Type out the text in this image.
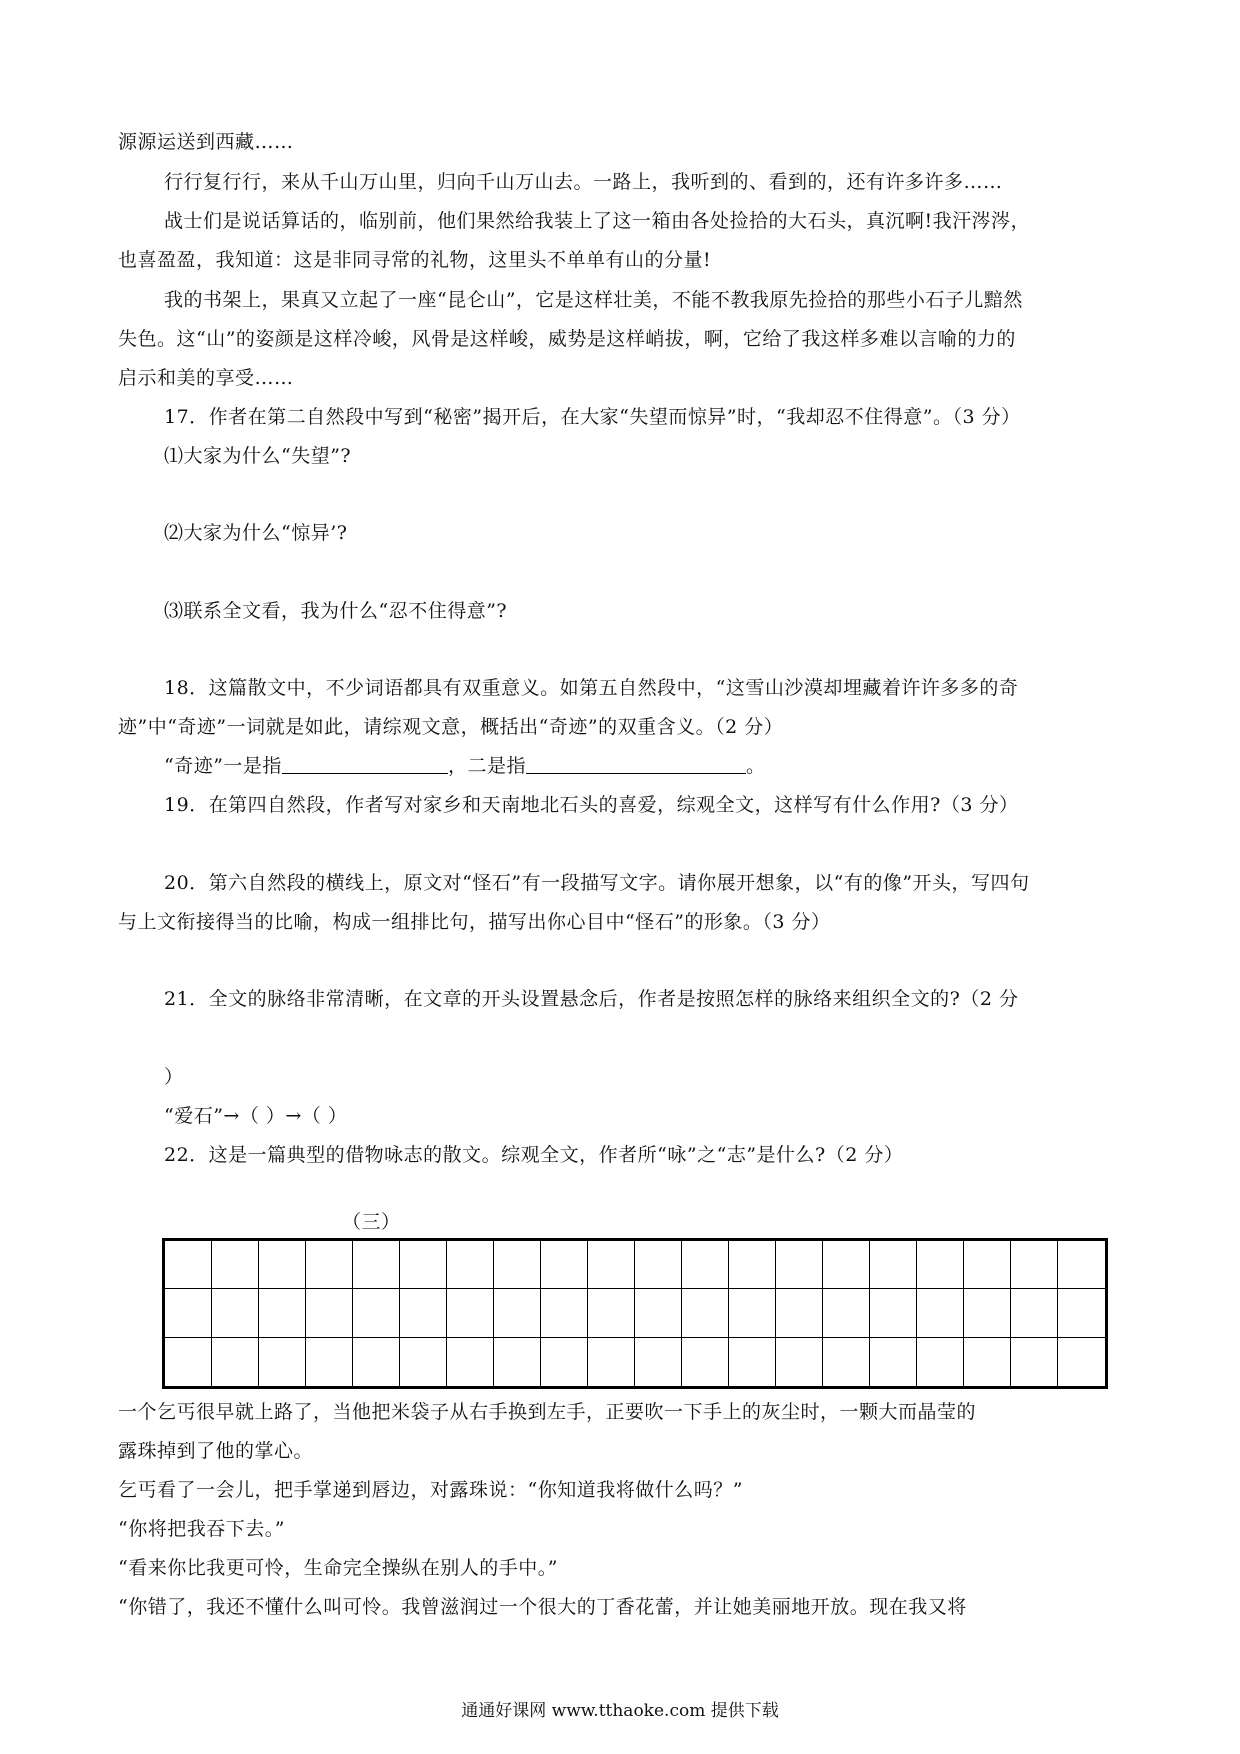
源源运送到西藏……
行行复行行，来从千山万山里，归向千山万山去。一路上，我听到的、看到的，还有许多许多……
战士们是说话算话的，临别前，他们果然给我装上了这一箱由各处捡拾的大石头，真沉啊!我汗涔涔，
也喜盈盈，我知道：这是非同寻常的礼物，这里头不单单有山的分量!
我的书架上，果真又立起了一座“昆仑山”，它是这样壮美，不能不教我原先捡拾的那些小石子儿黯然
失色。这“山”的姿颜是这样冷峻，风骨是这样峻，威势是这样峭拔，啊，它给了我这样多难以言喻的力的
启示和美的享受……
17．作者在第二自然段中写到“秘密”揭开后，在大家“失望而惊异”时，“我却忍不住得意”。（3 分）
⑴大家为什么“失望”?
⑵大家为什么“惊异’?
⑶联系全文看，我为什么“忍不住得意”?
18．这篇散文中，不少词语都具有双重意义。如第五自然段中，“这雪山沙漠却埋藏着许许多多的奇
迹”中“奇迹”一词就是如此，请综观文意，概括出“奇迹”的双重含义。（2 分）
“奇迹”一是指	，二是指	。
19．在第四自然段，作者写对家乡和天南地北石头的喜爱，综观全文，这样写有什么作用?（3 分）
20．第六自然段的横线上，原文对“怪石”有一段描写文字。请你展开想象，以“有的像”开头，写四句
与上文衔接得当的比喻，构成一组排比句，描写出你心目中“怪石”的形象。（3 分）
21．全文的脉络非常清晰，在文章的开头设置悬念后，作者是按照怎样的脉络来组织全文的?（2 分
）
“爱石”→（ ）→（ ）
22．这是一篇典型的借物咏志的散文。综观全文，作者所“咏”之“志”是什么?（2 分）
（三）
一个乞丐很早就上路了，当他把米袋子从右手换到左手，正要吹一下手上的灰尘时，一颗大而晶莹的
露珠掉到了他的掌心。
乞丐看了一会儿，把手掌递到唇边，对露珠说：“你知道我将做什么吗？”
“你将把我吞下去。”
“看来你比我更可怜，生命完全操纵在别人的手中。”
“你错了，我还不懂什么叫可怜。我曾滋润过一个很大的丁香花蕾，并让她美丽地开放。现在我又将
通通好课网 www.tthaoke.com 提供下载
